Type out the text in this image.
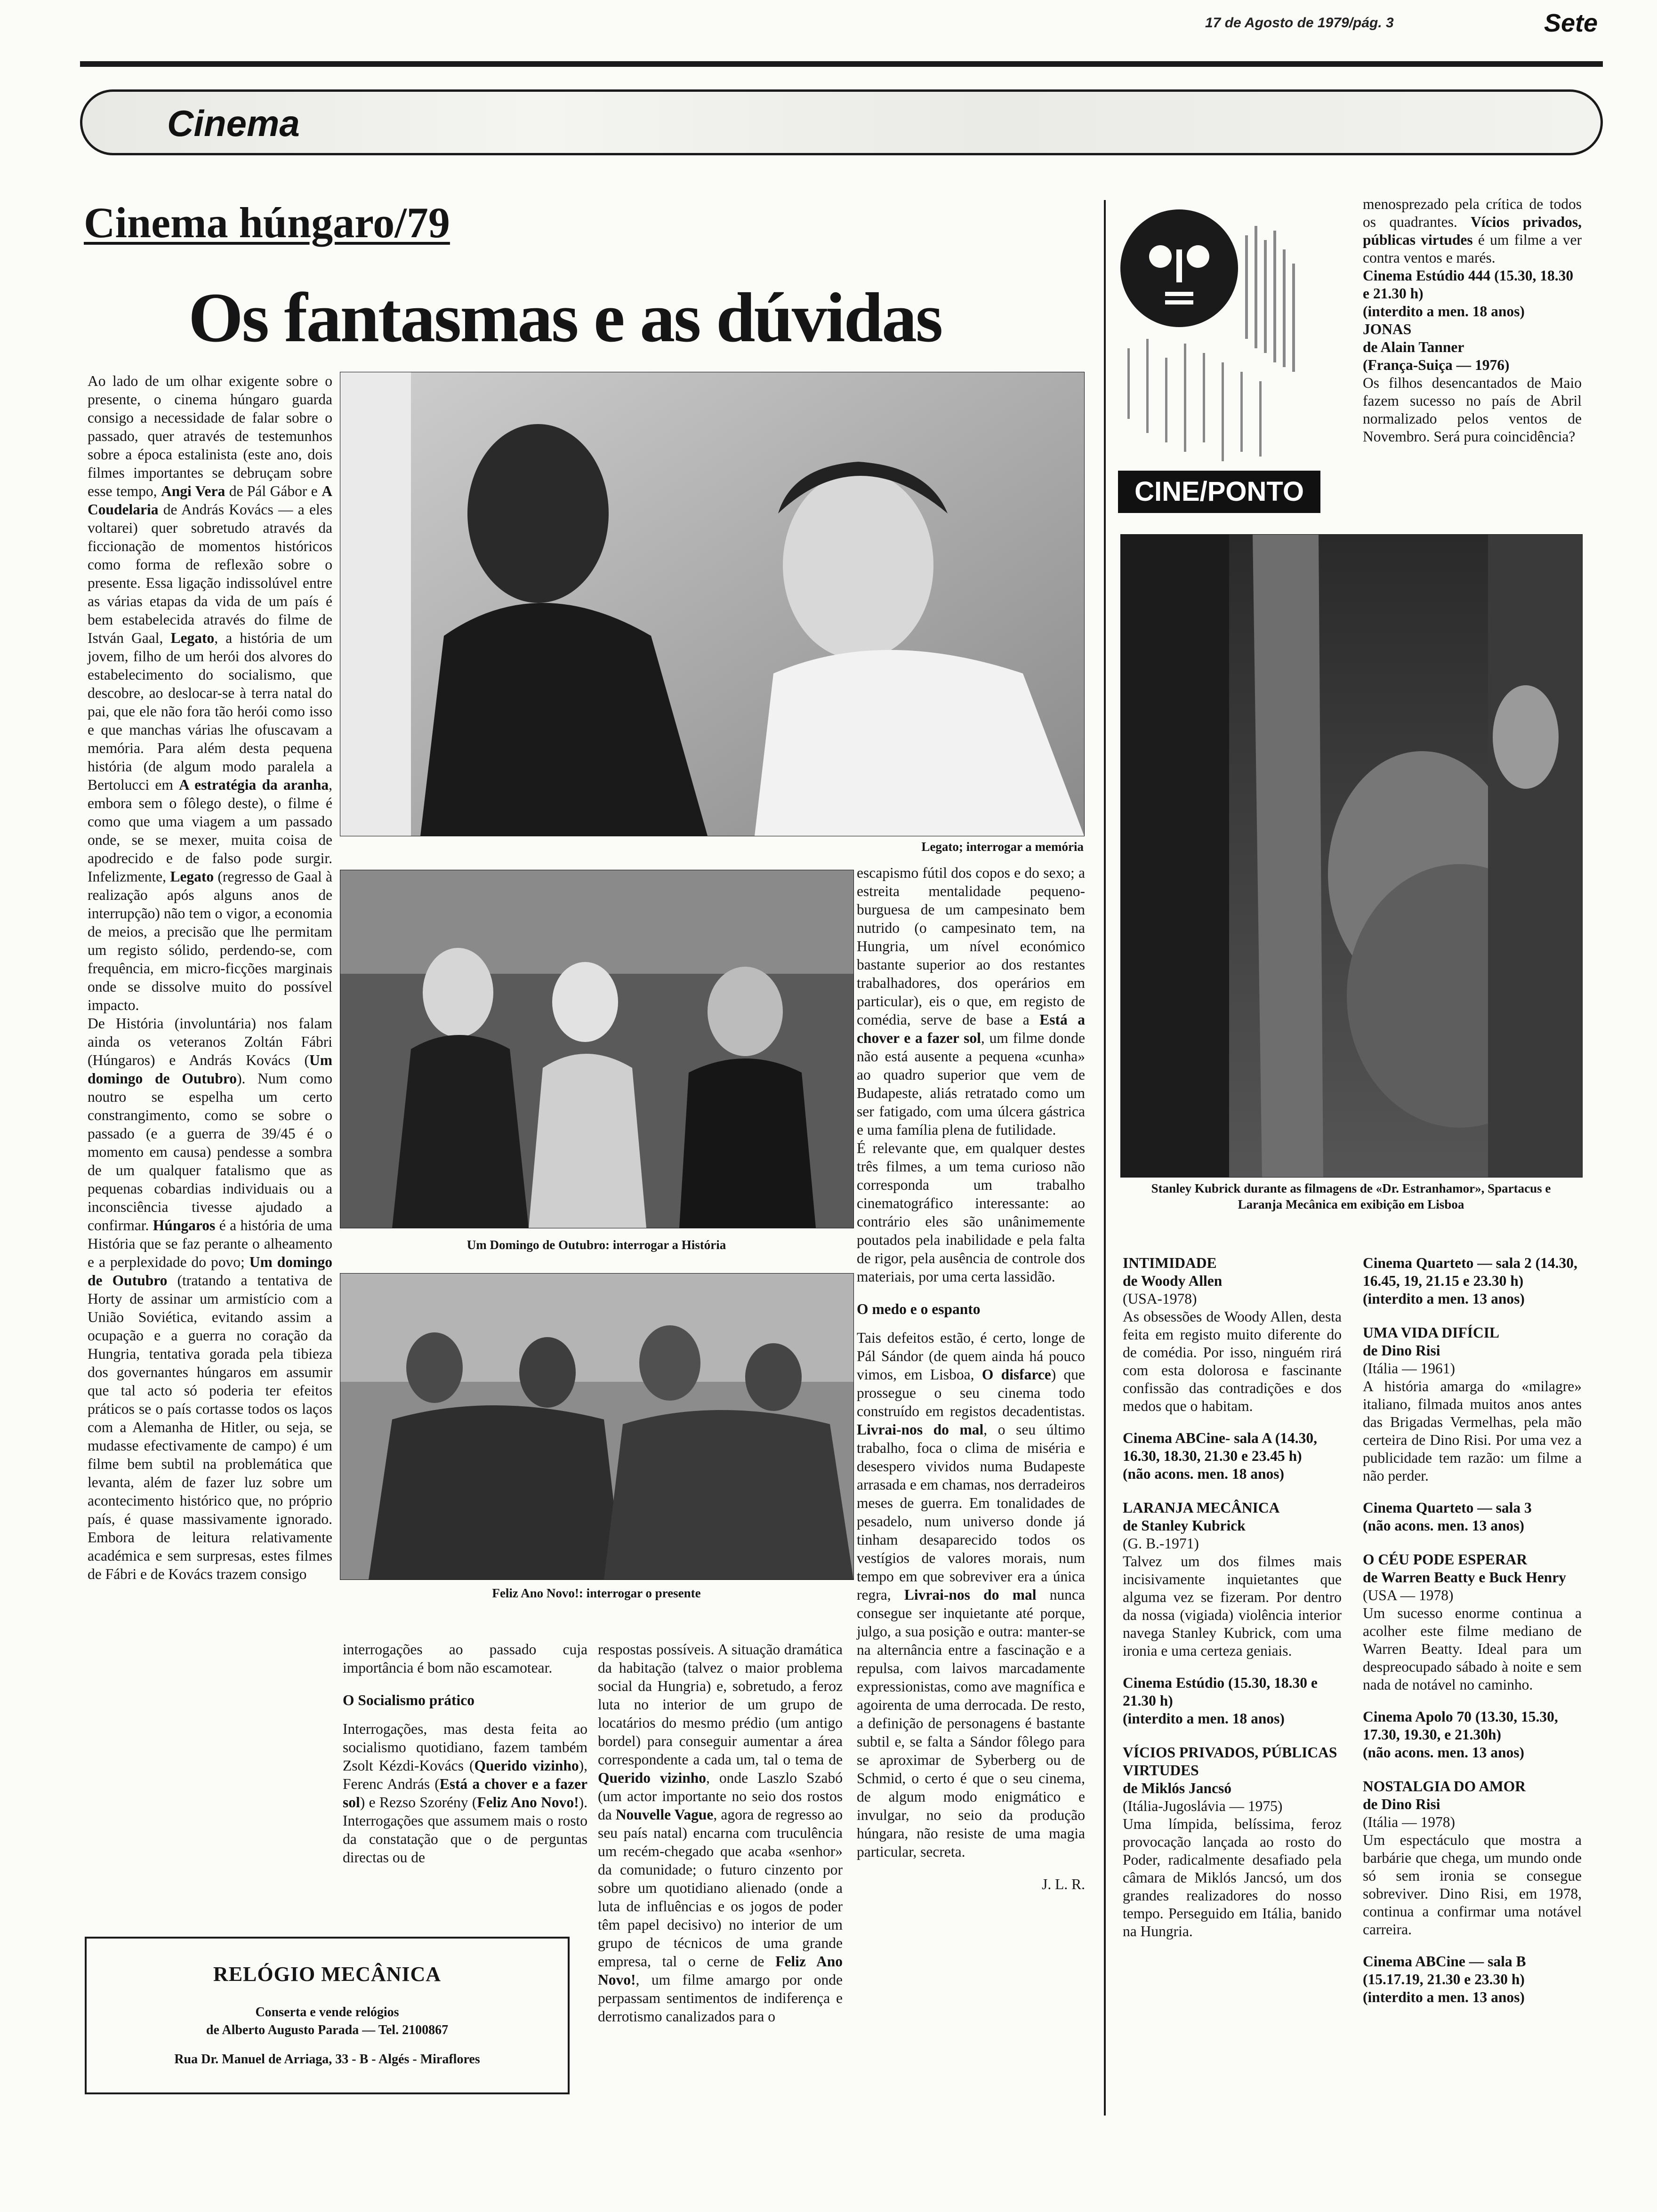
17 de Agosto de 1979/pág. 3	Sete
Cinema
Cinema húngaro/79
Os fantasmas e as dúvidas

Ao lado de um olhar exigente sobre o presente, o cinema húngaro guarda consigo a necessidade de falar sobre o passado, quer através de testemunhos sobre a época estalinista (este ano, dois filmes importantes se debruçam sobre esse tempo, Angi Vera de Pál Gábor e A Coudelaria de András Kovács — a eles voltarei) quer sobretudo através da ficcionação de momentos históricos como forma de reflexão sobre o presente. Essa ligação indissolúvel entre as várias etapas da vida de um país é bem estabelecida através do filme de István Gaal, Legato, a história de um jovem, filho de um herói dos alvores do estabelecimento do socialismo, que descobre, ao deslocar-se à terra natal do pai, que ele não fora tão herói como isso e que manchas várias lhe ofuscavam a memória. Para além desta pequena história (de algum modo paralela a Bertolucci em A estratégia da aranha, embora sem o fôlego deste), o filme é como que uma viagem a um passado onde, se se mexer, muita coisa de apodrecido e de falso pode surgir. Infelizmente, Legato (regresso de Gaal à realização após alguns anos de interrupção) não tem o vigor, a economia de meios, a precisão que lhe permitam um registo sólido, perdendo-se, com frequência, em micro-ficções marginais onde se dissolve muito do possível impacto.

De História (involuntária) nos falam ainda os veteranos Zoltán Fábri (Húngaros) e András Kovács (Um domingo de Outubro). Num como noutro se espelha um certo constrangimento, como se sobre o passado (e a guerra de 39/45 é o momento em causa) pendesse a sombra de um qualquer fatalismo que as pequenas cobardias individuais ou a inconsciência tivesse ajudado a confirmar. Húngaros é a história de uma História que se faz perante o alheamento e a perplexidade do povo; Um domingo de Outubro (tratando a tentativa de Horty de assinar um armistício com a União Soviética, evitando assim a ocupação e a guerra no coração da Hungria, tentativa gorada pela tibieza dos governantes húngaros em assumir que tal acto só poderia ter efeitos práticos se o país cortasse todos os laços com a Alemanha de Hitler, ou seja, se mudasse efectivamente de campo) é um filme bem subtil na problemática que levanta, além de fazer luz sobre um acontecimento histórico que, no próprio país, é quase massivamente ignorado. Embora de leitura relativamente académica e sem surpresas, estes filmes de Fábri e de Kovács trazem consigo

Legato; interrogar a memória
Um Domingo de Outubro: interrogar a História
Feliz Ano Novo!: interrogar o presente

interrogações ao passado cuja importância é bom não escamotear.

O Socialismo prático

Interrogações, mas desta feita ao socialismo quotidiano, fazem também Zsolt Kézdi-Kovács (Querido vizinho), Ferenc András (Está a chover e a fazer sol) e Rezso Szorény (Feliz Ano Novo!). Interrogações que assumem mais o rosto da constatação que o de perguntas directas ou de

respostas possíveis. A situação dramática da habitação (talvez o maior problema social da Hungria) e, sobretudo, a feroz luta no interior de um grupo de locatários do mesmo prédio (um antigo bordel) para conseguir aumentar a área correspondente a cada um, tal o tema de Querido vizinho, onde Laszlo Szabó (um actor importante no seio dos rostos da Nouvelle Vague, agora de regresso ao seu país natal) encarna com truculência um recém-chegado que acaba «senhor» da comunidade; o futuro cinzento por sobre um quotidiano alienado (onde a luta de influências e os jogos de poder têm papel decisivo) no interior de um grupo de técnicos de uma grande empresa, tal o cerne de Feliz Ano Novo!, um filme amargo por onde perpassam sentimentos de indiferença e derrotismo canalizados para o

escapismo fútil dos copos e do sexo; a estreita mentalidade pequeno-burguesa de um campesinato bem nutrido (o campesinato tem, na Hungria, um nível económico bastante superior ao dos restantes trabalhadores, dos operários em particular), eis o que, em registo de comédia, serve de base a Está a chover e a fazer sol, um filme donde não está ausente a pequena «cunha» ao quadro superior que vem de Budapeste, aliás retratado como um ser fatigado, com uma úlcera gástrica e uma família plena de futilidade.

É relevante que, em qualquer destes três filmes, a um tema curioso não corresponda um trabalho cinematográfico interessante: ao contrário eles são unânimemente poutados pela inabilidade e pela falta de rigor, pela ausência de controle dos materiais, por uma certa lassidão.

O medo e o espanto

Tais defeitos estão, é certo, longe de Pál Sándor (de quem ainda há pouco vimos, em Lisboa, O disfarce) que prossegue o seu cinema todo construído em registos decadentistas. Livrai-nos do mal, o seu último trabalho, foca o clima de miséria e desespero vividos numa Budapeste arrasada e em chamas, nos derradeiros meses de guerra. Em tonalidades de pesadelo, num universo donde já tinham desaparecido todos os vestígios de valores morais, num tempo em que sobreviver era a única regra, Livrai-nos do mal nunca consegue ser inquietante até porque, julgo, a sua posição e outra: manter-se na alternância entre a fascinação e a repulsa, com laivos marcadamente expressionistas, como ave magnífica e agoirenta de uma derrocada. De resto, a definição de personagens é bastante subtil e, se falta a Sándor fôlego para se aproximar de Syberberg ou de Schmid, o certo é que o seu cinema, de algum modo enigmático e invulgar, no seio da produção húngara, não resiste de uma magia particular, secreta.

J. L. R.
RELÓGIO MECÂNICA
Conserta e vende relógios
de Alberto Augusto Parada — Tel. 2100867
Rua Dr. Manuel de Arriaga, 33 - B - Algés - Miraflores
CINE/PONTO
menosprezado pela crítica de todos os quadrantes. Vícios privados, públicas virtudes é um filme a ver contra ventos e marés.
Cinema Estúdio 444 (15.30, 18.30 e 21.30 h)
(interdito a men. 18 anos)
JONAS
de Alain Tanner
(França-Suiça — 1976)
Os filhos desencantados de Maio fazem sucesso no país de Abril normalizado pelos ventos de Novembro. Será pura coincidência?
Stanley Kubrick durante as filmagens de «Dr. Estranhamor», Spartacus e Laranja Mecânica em exibição em Lisboa
INTIMIDADE
de Woody Allen
(USA-1978)
As obsessões de Woody Allen, desta feita em registo muito diferente do de comédia. Por isso, ninguém rirá com esta dolorosa e fascinante confissão das contradições e dos medos que o habitam.
Cinema ABCine- sala A (14.30, 16.30, 18.30, 21.30 e 23.45 h)
(não acons. men. 18 anos)
LARANJA MECÂNICA
de Stanley Kubrick
(G. B.-1971)
Talvez um dos filmes mais incisivamente inquietantes que alguma vez se fizeram. Por dentro da nossa (vigiada) violência interior navega Stanley Kubrick, com uma ironia e uma certeza geniais.
Cinema Estúdio (15.30, 18.30 e 21.30 h)
(interdito a men. 18 anos)
VÍCIOS PRIVADOS, PÚBLICAS VIRTUDES
de Miklós Jancsó
(Itália-Jugoslávia — 1975)
Uma límpida, belíssima, feroz provocação lançada ao rosto do Poder, radicalmente desafiado pela câmara de Miklós Jancsó, um dos grandes realizadores do nosso tempo. Perseguido em Itália, banido na Hungria.
Cinema Quarteto — sala 2 (14.30, 16.45, 19, 21.15 e 23.30 h)
(interdito a men. 13 anos)
UMA VIDA DIFÍCIL
de Dino Risi
(Itália — 1961)
A história amarga do «milagre» italiano, filmada muitos anos antes das Brigadas Vermelhas, pela mão certeira de Dino Risi. Por uma vez a publicidade tem razão: um filme a não perder.
Cinema Quarteto — sala 3
(não acons. men. 13 anos)
O CÉU PODE ESPERAR
de Warren Beatty e Buck Henry
(USA — 1978)
Um sucesso enorme continua a acolher este filme mediano de Warren Beatty. Ideal para um despreocupado sábado à noite e sem nada de notável no caminho.
Cinema Apolo 70 (13.30, 15.30, 17.30, 19.30, e 21.30h)
(não acons. men. 13 anos)
NOSTALGIA DO AMOR
de Dino Risi
(Itália — 1978)
Um espectáculo que mostra a barbárie que chega, um mundo onde só sem ironia se consegue sobreviver. Dino Risi, em 1978, continua a confirmar uma notável carreira.
Cinema ABCine — sala B (15.17.19, 21.30 e 23.30 h)
(interdito a men. 13 anos)
